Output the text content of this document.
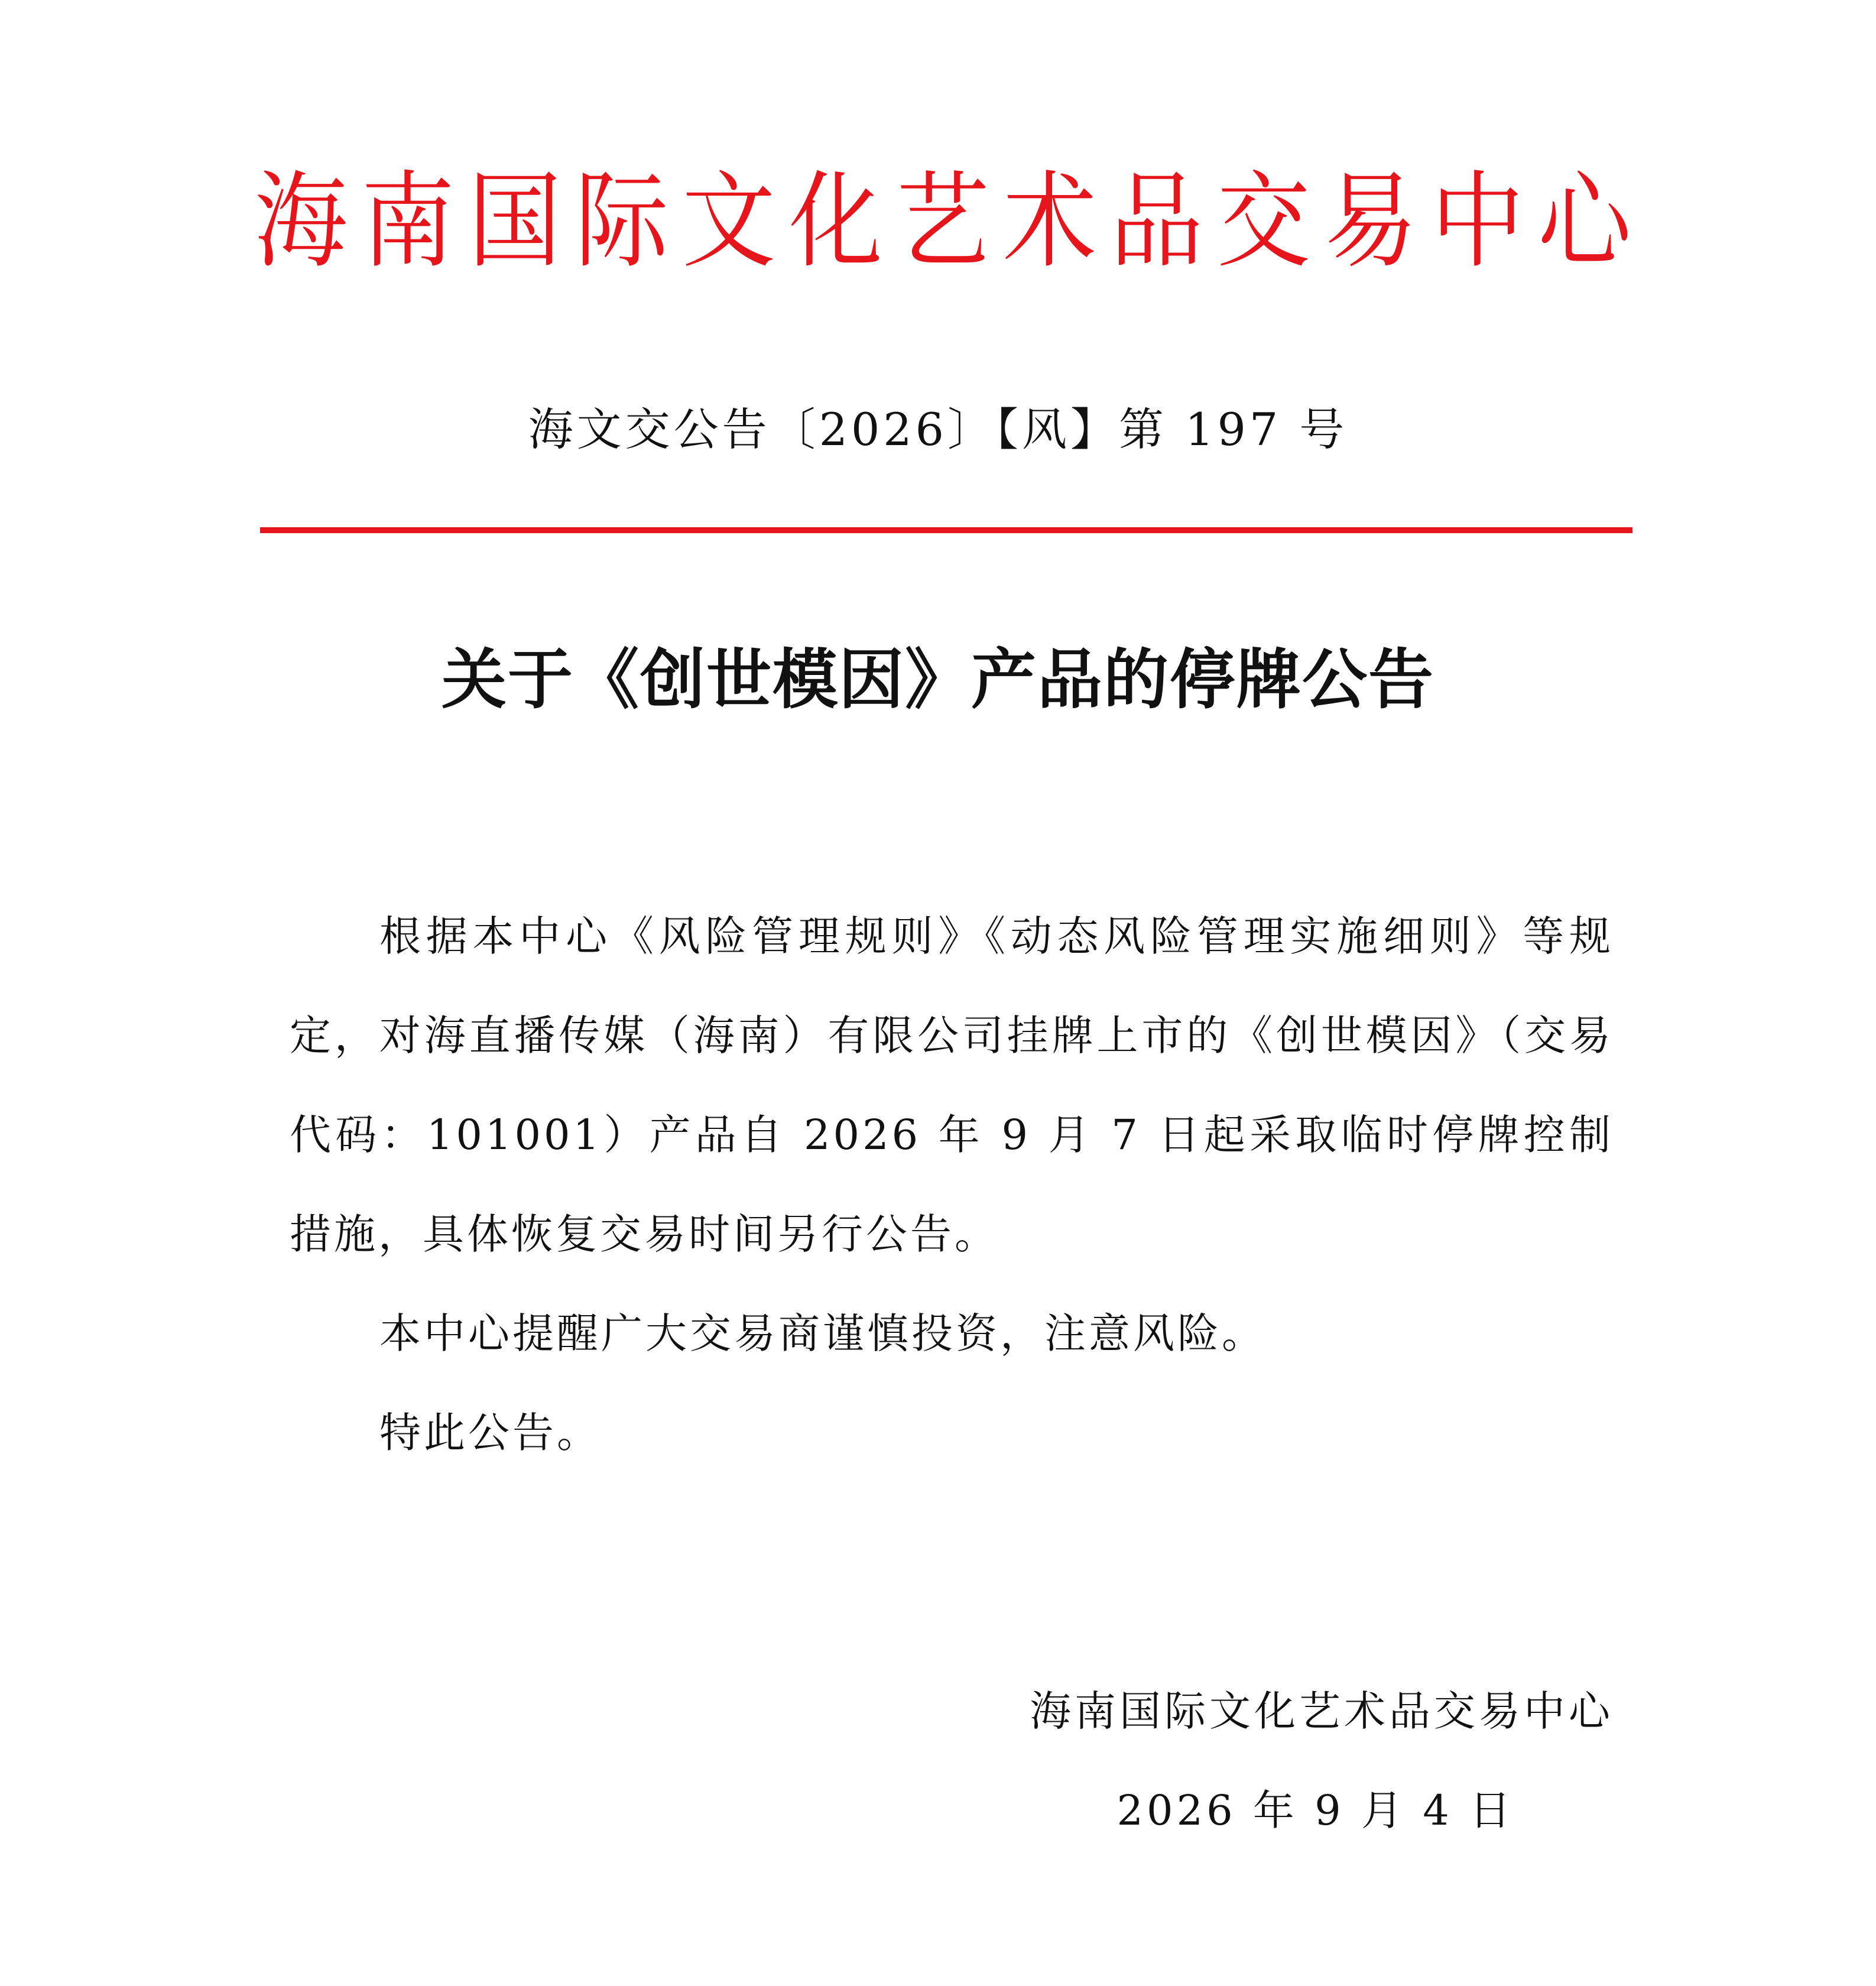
海 南 国 际 文 化 艺 术 品 交 易 中 心
海文交公告〔2026〕【风】第 197 号
关于《创世模因》产品的停牌公告

根据本中心《风险管理规则》《动态风险管理实施细则》等规定，对海直播传媒（海南）有限公司挂牌上市的《创世模因》（交易代码：101001）产品自 2026 年 9 月 7 日起采取临时停牌控制措施，具体恢复交易时间另行公告。

本中心提醒广大交易商谨慎投资，注意风险。

特此公告。

海南国际文化艺术品交易中心
2026 年 9 月 4 日
